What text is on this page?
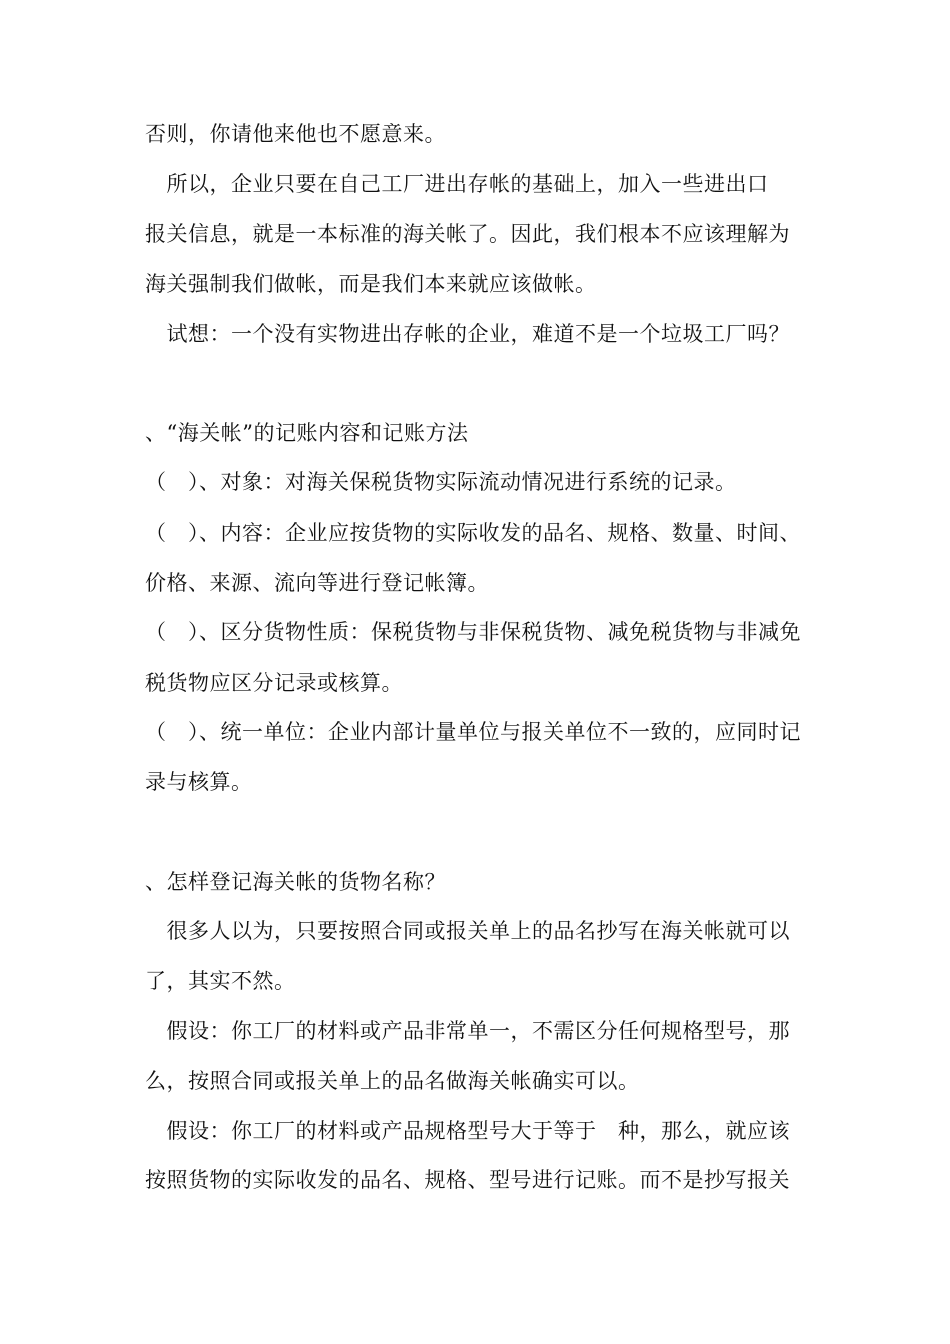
否则，你请他来他也不愿意来。
　所以，企业只要在自己工厂进出存帐的基础上，加入一些进出口
报关信息，就是一本标准的海关帐了。因此，我们根本不应该理解为
海关强制我们做帐，而是我们本来就应该做帐。
　试想：一个没有实物进出存帐的企业，难道不是一个垃圾工厂吗？
、“海关帐”的记账内容和记账方法
（　）、对象：对海关保税货物实际流动情况进行系统的记录。
（　）、内容：企业应按货物的实际收发的品名、规格、数量、时间、
价格、来源、流向等进行登记帐簿。
（　）、区分货物性质：保税货物与非保税货物、减免税货物与非减免
税货物应区分记录或核算。
（　）、统一单位：企业内部计量单位与报关单位不一致的，应同时记
录与核算。
、怎样登记海关帐的货物名称？
　很多人以为，只要按照合同或报关单上的品名抄写在海关帐就可以
了，其实不然。
　假设：你工厂的材料或产品非常单一，不需区分任何规格型号，那
么，按照合同或报关单上的品名做海关帐确实可以。
　假设：你工厂的材料或产品规格型号大于等于　种，那么，就应该
按照货物的实际收发的品名、规格、型号进行记账。而不是抄写报关
